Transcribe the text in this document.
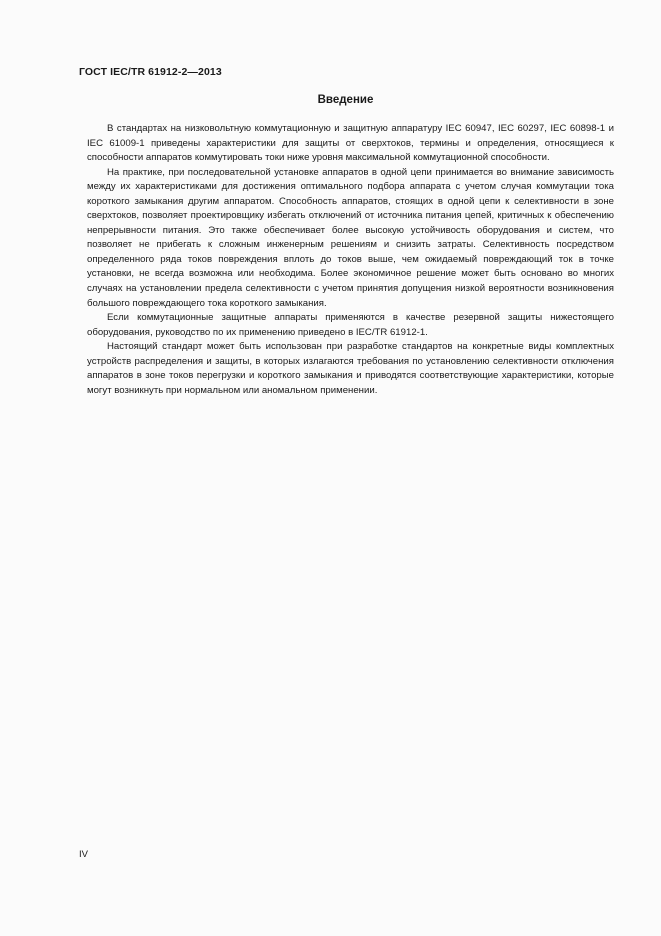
ГОСТ IEC/TR 61912-2—2013
Введение

В стандартах на низковольтную коммутационную и защитную аппаратуру IEC 60947, IEC 60297, IEC 60898-1 и IEC 61009-1 приведены характеристики для защиты от сверхтоков, термины и определения, относящиеся к способности аппаратов коммутировать токи ниже уровня максимальной коммутационной способности.

На практике, при последовательной установке аппаратов в одной цепи принимается во внимание зависимость между их характеристиками для достижения оптимального подбора аппарата с учетом случая коммутации тока короткого замыкания другим аппаратом. Способность аппаратов, стоящих в одной цепи к селективности в зоне сверхтоков, позволяет проектировщику избегать отключений от источника питания цепей, критичных к обеспечению непрерывности питания. Это также обеспечивает более высокую устойчивость оборудования и систем, что позволяет не прибегать к сложным инженерным решениям и снизить затраты. Селективность посредством определенного ряда токов повреждения вплоть до токов выше, чем ожидаемый повреждающий ток в точке установки, не всегда возможна или необходима. Более экономичное решение может быть основано во многих случаях на установлении предела селективности с учетом принятия допущения низкой вероятности возникновения большого повреждающего тока короткого замыкания.

Если коммутационные защитные аппараты применяются в качестве резервной защиты нижестоящего оборудования, руководство по их применению приведено в IEC/TR 61912-1.

Настоящий стандарт может быть использован при разработке стандартов на конкретные виды комплектных устройств распределения и защиты, в которых излагаются требования по установлению селективности отключения аппаратов в зоне токов перегрузки и короткого замыкания и приводятся соответствующие характеристики, которые могут возникнуть при нормальном или аномальном применении.

IV
